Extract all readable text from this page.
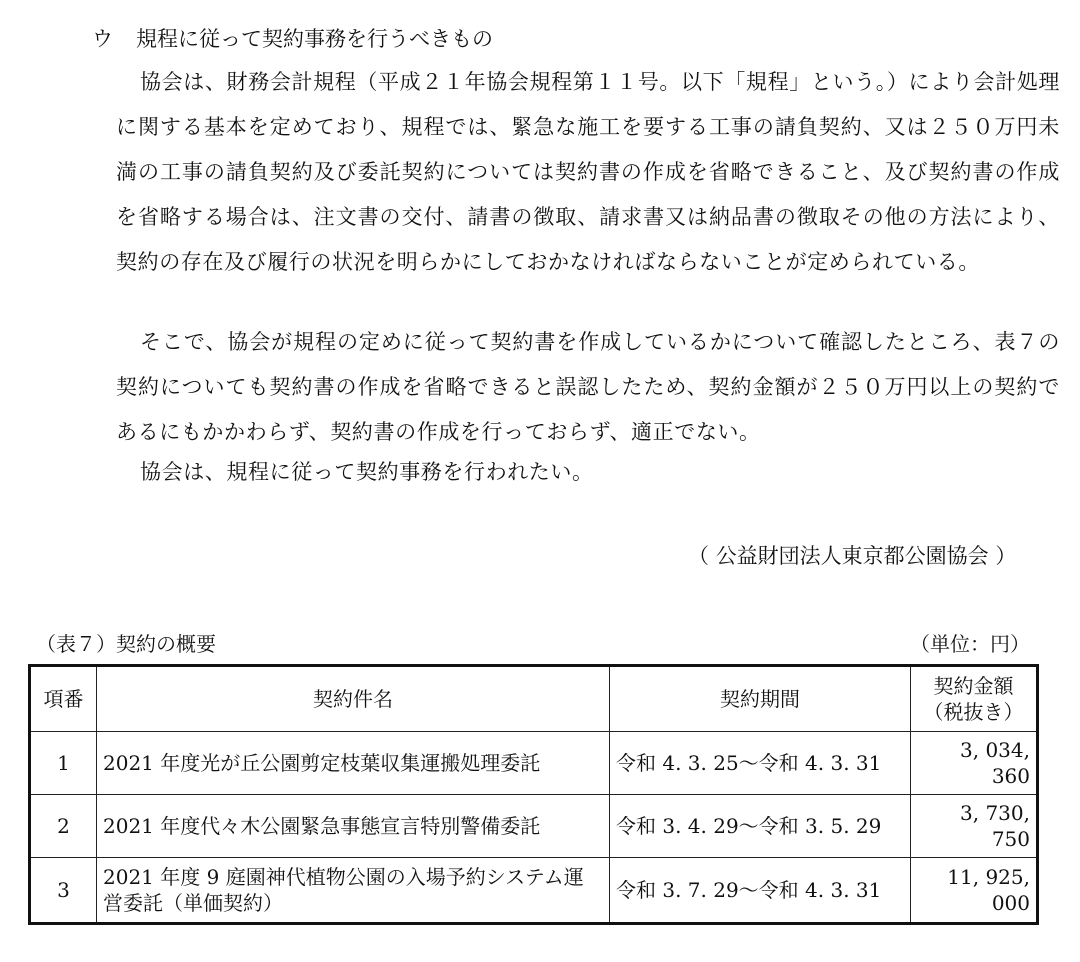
ウ 規程に従って契約事務を行うべきもの

協会は、財務会計規程（平成２１年協会規程第１１号。以下「規程」という。）により会計処理に関する基本を定めており、規程では、緊急な施工を要する工事の請負契約、又は２５０万円未満の工事の請負契約及び委託契約については契約書の作成を省略できること、及び契約書の作成を省略する場合は、注文書の交付、請書の徴取、請求書又は納品書の徴取その他の方法により、契約の存在及び履行の状況を明らかにしておかなければならないことが定められている。

そこで、協会が規程の定めに従って契約書を作成しているかについて確認したところ、表７の契約についても契約書の作成を省略できると誤認したため、契約金額が２５０万円以上の契約であるにもかかわらず、契約書の作成を行っておらず、適正でない。

協会は、規程に従って契約事務を行われたい。

（ 公益財団法人東京都公園協会 ）
（表７）契約の概要	（単位：円）
項番	契約件名	契約期間	契約金額
（税抜き）

1	2021 年度光が丘公園剪定枝葉収集運搬処理委託	令和 4. 3. 25～令和 4. 3. 31	3, 034, 360
2	2021 年度代々木公園緊急事態宣言特別警備委託	令和 3. 4. 29～令和 3. 5. 29	3, 730, 750
3	2021 年度 9 庭園神代植物公園の入場予約システム運営委託（単価契約）	令和 3. 7. 29～令和 4. 3. 31	11, 925, 000
